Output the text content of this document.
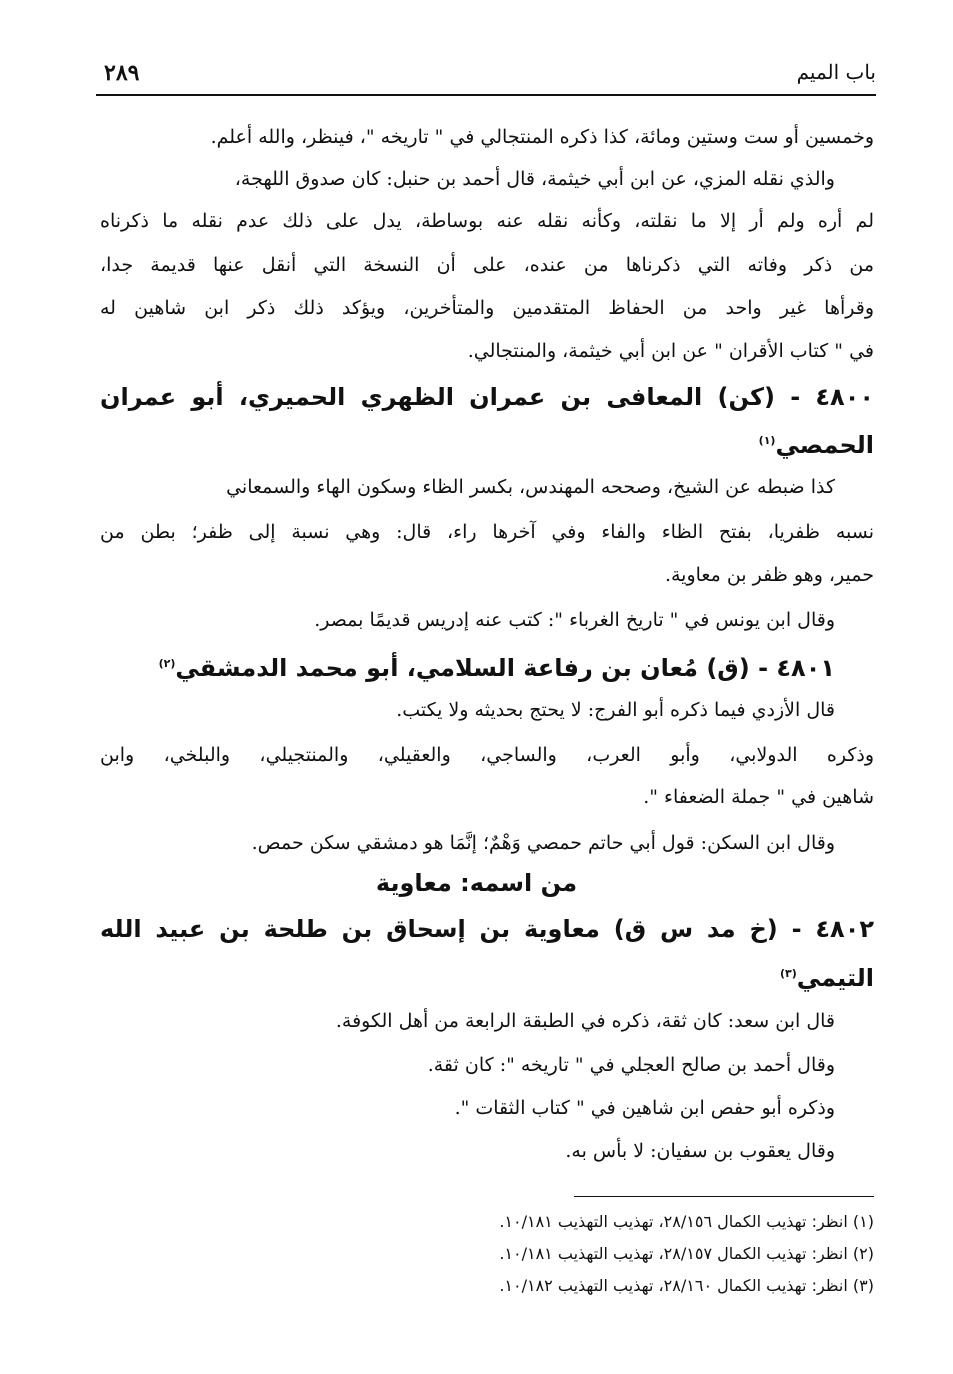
باب الميم
٢٨٩
وخمسين أو ست وستين ومائة، كذا ذكره المنتجالي في " تاريخه "، فينظر، والله أعلم.
والذي نقله المزي، عن ابن أبي خيثمة، قال أحمد بن حنبل: كان صدوق اللهجة،
لم أره ولم أر إلا ما نقلته، وكأنه نقله عنه بوساطة، يدل على ذلك عدم نقله ما ذكرناه
من ذكر وفاته التي ذكرناها من عنده، على أن النسخة التي أنقل عنها قديمة جدا،
وقرأها غير واحد من الحفاظ المتقدمين والمتأخرين، ويؤكد ذلك ذكر ابن شاهين له
في " كتاب الأقران " عن ابن أبي خيثمة، والمنتجالي.
٤٨٠٠ - (كن) المعافى بن عمران الظهري الحميري، أبو عمران
الحمصي$^{(١)}$
كذا ضبطه عن الشيخ، وصححه المهندس، بكسر الظاء وسكون الهاء والسمعاني
نسبه ظفريا، بفتح الظاء والفاء وفي آخرها راء، قال: وهي نسبة إلى ظفر؛ بطن من
حمير، وهو ظفر بن معاوية.
وقال ابن يونس في " تاريخ الغرباء ": كتب عنه إدريس قديمًا بمصر.
٤٨٠١ - (ق) مُعان بن رفاعة السلامي، أبو محمد الدمشقي$^{(٢)}$
قال الأزدي فيما ذكره أبو الفرج: لا يحتج بحديثه ولا يكتب.
وذكره الدولابي، وأبو العرب، والساجي، والعقيلي، والمنتجيلي، والبلخي، وابن
شاهين في " جملة الضعفاء ".
وقال ابن السكن: قول أبي حاتم حمصي وَهْمٌ؛ إنَّمَا هو دمشقي سكن حمص.
من اسمه: معاوية
٤٨٠٢ - (خ مد س ق) معاوية بن إسحاق بن طلحة بن عبيد الله
التيمي$^{(٣)}$
قال ابن سعد: كان ثقة، ذكره في الطبقة الرابعة من أهل الكوفة.
وقال أحمد بن صالح العجلي في " تاريخه ": كان ثقة.
وذكره أبو حفص ابن شاهين في " كتاب الثقات ".
وقال يعقوب بن سفيان: لا بأس به.
(١) انظر: تهذيب الكمال ٢٨/١٥٦، تهذيب التهذيب ١٠/١٨١.
(٢) انظر: تهذيب الكمال ٢٨/١٥٧، تهذيب التهذيب ١٠/١٨١.
(٣) انظر: تهذيب الكمال ٢٨/١٦٠، تهذيب التهذيب ١٠/١٨٢.
